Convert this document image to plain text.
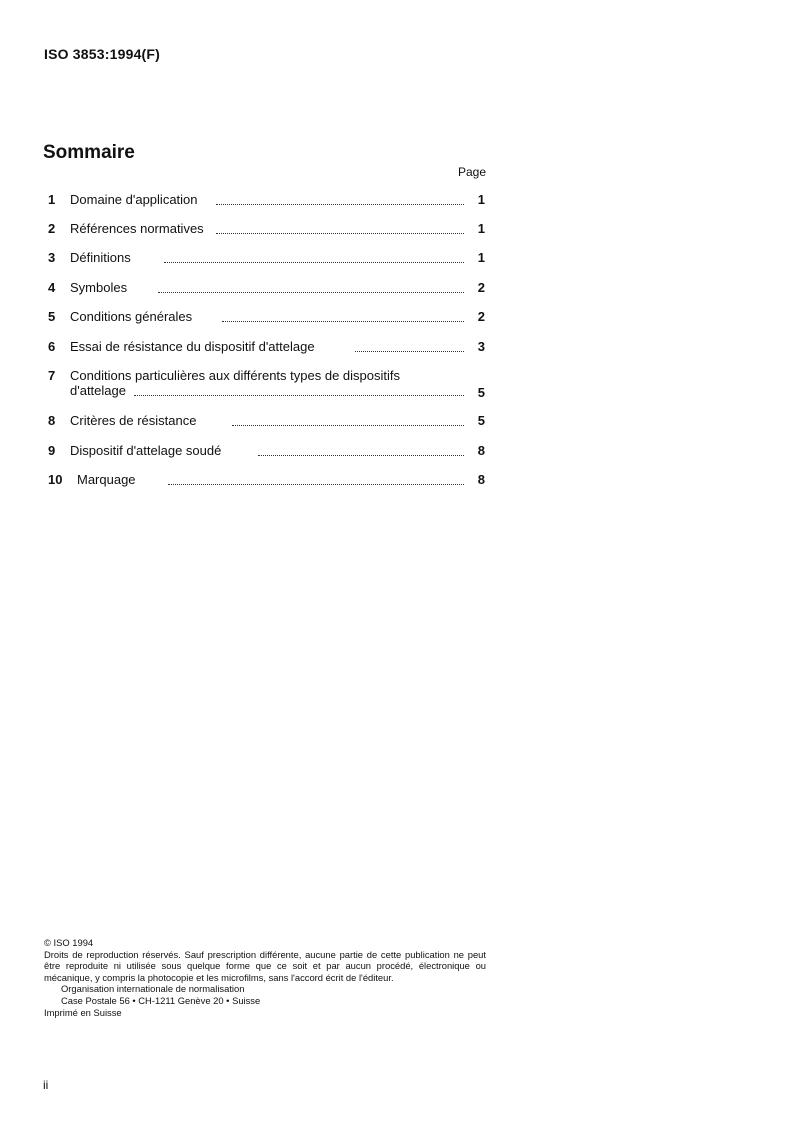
ISO 3853:1994(F)
Sommaire
Page
1 Domaine d'application	1
2 Références normatives	1
3 Définitions	1
4 Symboles	2
5 Conditions générales	2
6 Essai de résistance du dispositif d'attelage	3
7 Conditions particulières aux différents types de dispositifs
d'attelage	5
8 Critères de résistance	5
9 Dispositif d'attelage soudé	8
10 Marquage	8
© ISO 1994
Droits de reproduction réservés. Sauf prescription différente, aucune partie de cette publication ne peut être reproduite ni utilisée sous quelque forme que ce soit et par aucun procédé, électronique ou mécanique, y compris la photocopie et les microfilms, sans l'accord écrit de l'éditeur.
Organisation internationale de normalisation
Case Postale 56 • CH-1211 Genève 20 • Suisse
Imprimé en Suisse
ii
